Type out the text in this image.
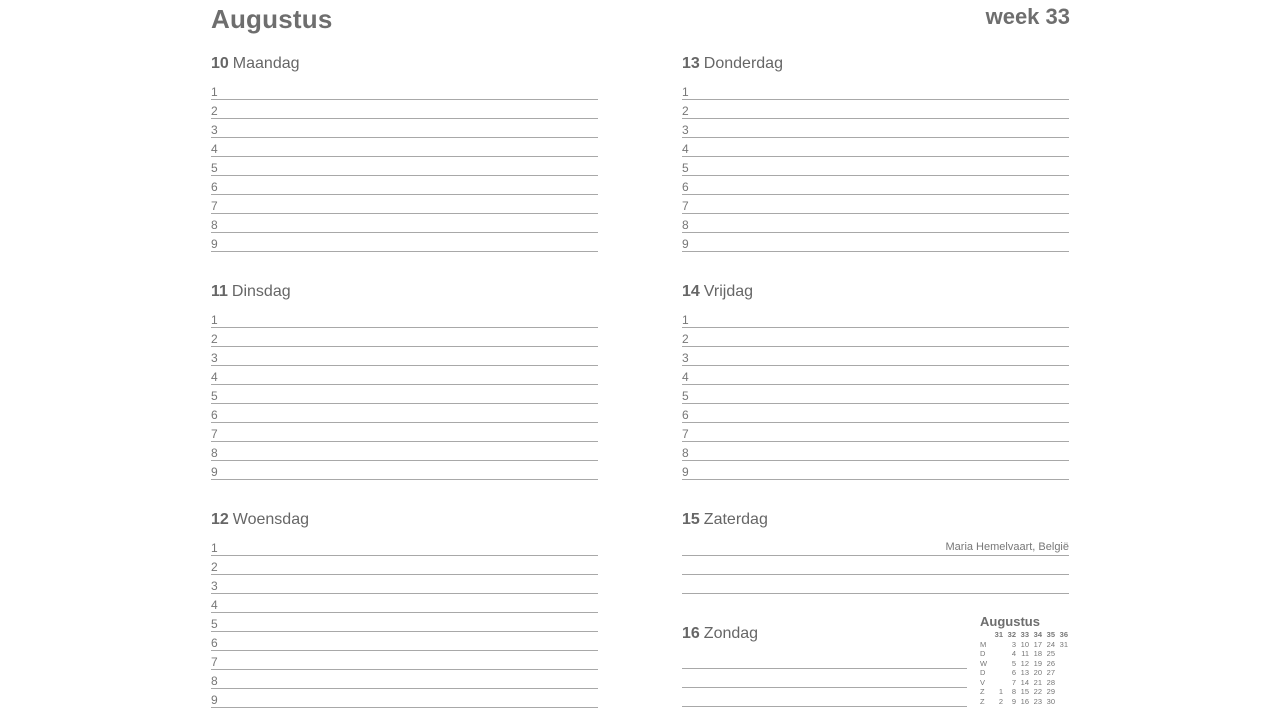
Augustus	week 33
10 Maandag
1
2
3
4
5
6
7
8
9
11 Dinsdag
1
2
3
4
5
6
7
8
9
12 Woensdag
1
2
3
4
5
6
7
8
9
13 Donderdag
1
2
3
4
5
6
7
8
9
14 Vrijdag
1
2
3
4
5
6
7
8
9
15 Zaterdag
Maria Hemelvaart, België
16 Zondag
Augustus
	31	32	33	34	35	36
M		3	10	17	24	31
D		4	11	18	25	
W		5	12	19	26	
D		6	13	20	27	
V		7	14	21	28	
Z	1	8	15	22	29	
Z	2	9	16	23	30	
